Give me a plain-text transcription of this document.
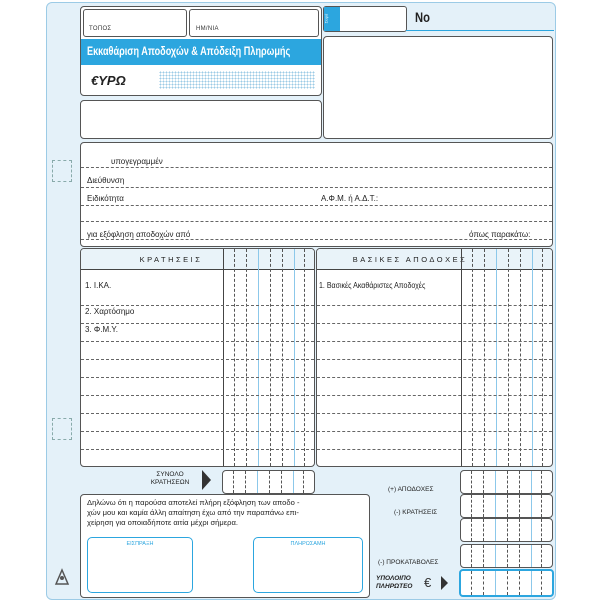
ΤΟΠΟΣ	ΗΜ/ΝΙΑ
Εκκαθάριση Αποδοχών & Απόδειξη Πληρωμής
€ΥΡΩ
Σειρά	No
υπογεγραμμέν
Διεύθυνση
Ειδικότητα	Α.Φ.Μ. ή Α.Δ.Τ.:
για εξόφληση αποδοχών από	όπως παρακάτω:
ΚΡΑΤΗΣΕΙΣ
1. Ι.ΚΑ.
2. Χαρτόσημο
3. Φ.Μ.Υ.
ΒΑΣΙΚΕΣ ΑΠΟΔΟΧΕΣ
1. Βασικές Ακαθάριστες Αποδοχές
ΣΥΝΟΛΟ
ΚΡΑΤΗΣΕΩΝ
Δηλώνω ότι η παρούσα αποτελεί πλήρη εξόφληση των αποδο -
χών μου και καμία άλλη απαίτηση έχω από την παραπάνω επι-
χείρηση για οποιαδήποτε αιτία μέχρι σήμερα.
ΕΙΣΠΡΑΞΗ	ΠΛΗΡΩΣΑΜΗ
(+) ΑΠΟΔΟΧΕΣ
(-) ΚΡΑΤΗΣΕΙΣ
(-) ΠΡΟΚΑΤΑΒΟΛΕΣ
ΥΠΟΛΟΙΠΟ
ΠΛΗΡΩΤΕΟ €
